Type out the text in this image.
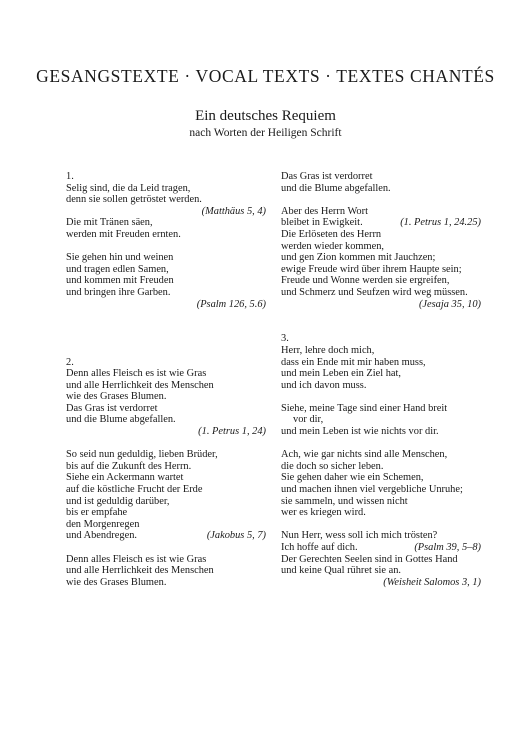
GESANGSTEXTE · VOCAL TEXTS · TEXTES CHANTÉS
Ein deutsches Requiem
nach Worten der Heiligen Schrift
1.
Selig sind, die da Leid tragen,
denn sie sollen getröstet werden.
(Matthäus 5, 4)
Die mit Tränen säen,
werden mit Freuden ernten.
Sie gehen hin und weinen
und tragen edlen Samen,
und kommen mit Freuden
und bringen ihre Garben.
(Psalm 126, 5.6)
2.
Denn alles Fleisch es ist wie Gras
und alle Herrlichkeit des Menschen
wie des Grases Blumen.
Das Gras ist verdorret
und die Blume abgefallen.
(1. Petrus 1, 24)
So seid nun geduldig, lieben Brüder,
bis auf die Zukunft des Herrn.
Siehe ein Ackermann wartet
auf die köstliche Frucht der Erde
und ist geduldig darüber,
bis er empfahe
den Morgenregen
und Abendregen.	(Jakobus 5, 7)
Denn alles Fleisch es ist wie Gras
und alle Herrlichkeit des Menschen
wie des Grases Blumen.
Das Gras ist verdorret
und die Blume abgefallen.
Aber des Herrn Wort
bleibet in Ewigkeit.	(1. Petrus 1, 24.25)
Die Erlöseten des Herrn
werden wieder kommen,
und gen Zion kommen mit Jauchzen;
ewige Freude wird über ihrem Haupte sein;
Freude und Wonne werden sie ergreifen,
und Schmerz und Seufzen wird weg müssen.
(Jesaja 35, 10)
3.
Herr, lehre doch mich,
dass ein Ende mit mir haben muss,
und mein Leben ein Ziel hat,
und ich davon muss.
Siehe, meine Tage sind einer Hand breit
vor dir,
und mein Leben ist wie nichts vor dir.
Ach, wie gar nichts sind alle Menschen,
die doch so sicher leben.
Sie gehen daher wie ein Schemen,
und machen ihnen viel vergebliche Unruhe;
sie sammeln, und wissen nicht
wer es kriegen wird.
Nun Herr, wess soll ich mich trösten?
Ich hoffe auf dich.	(Psalm 39, 5–8)
Der Gerechten Seelen sind in Gottes Hand
und keine Qual rühret sie an.
(Weisheit Salomos 3, 1)
